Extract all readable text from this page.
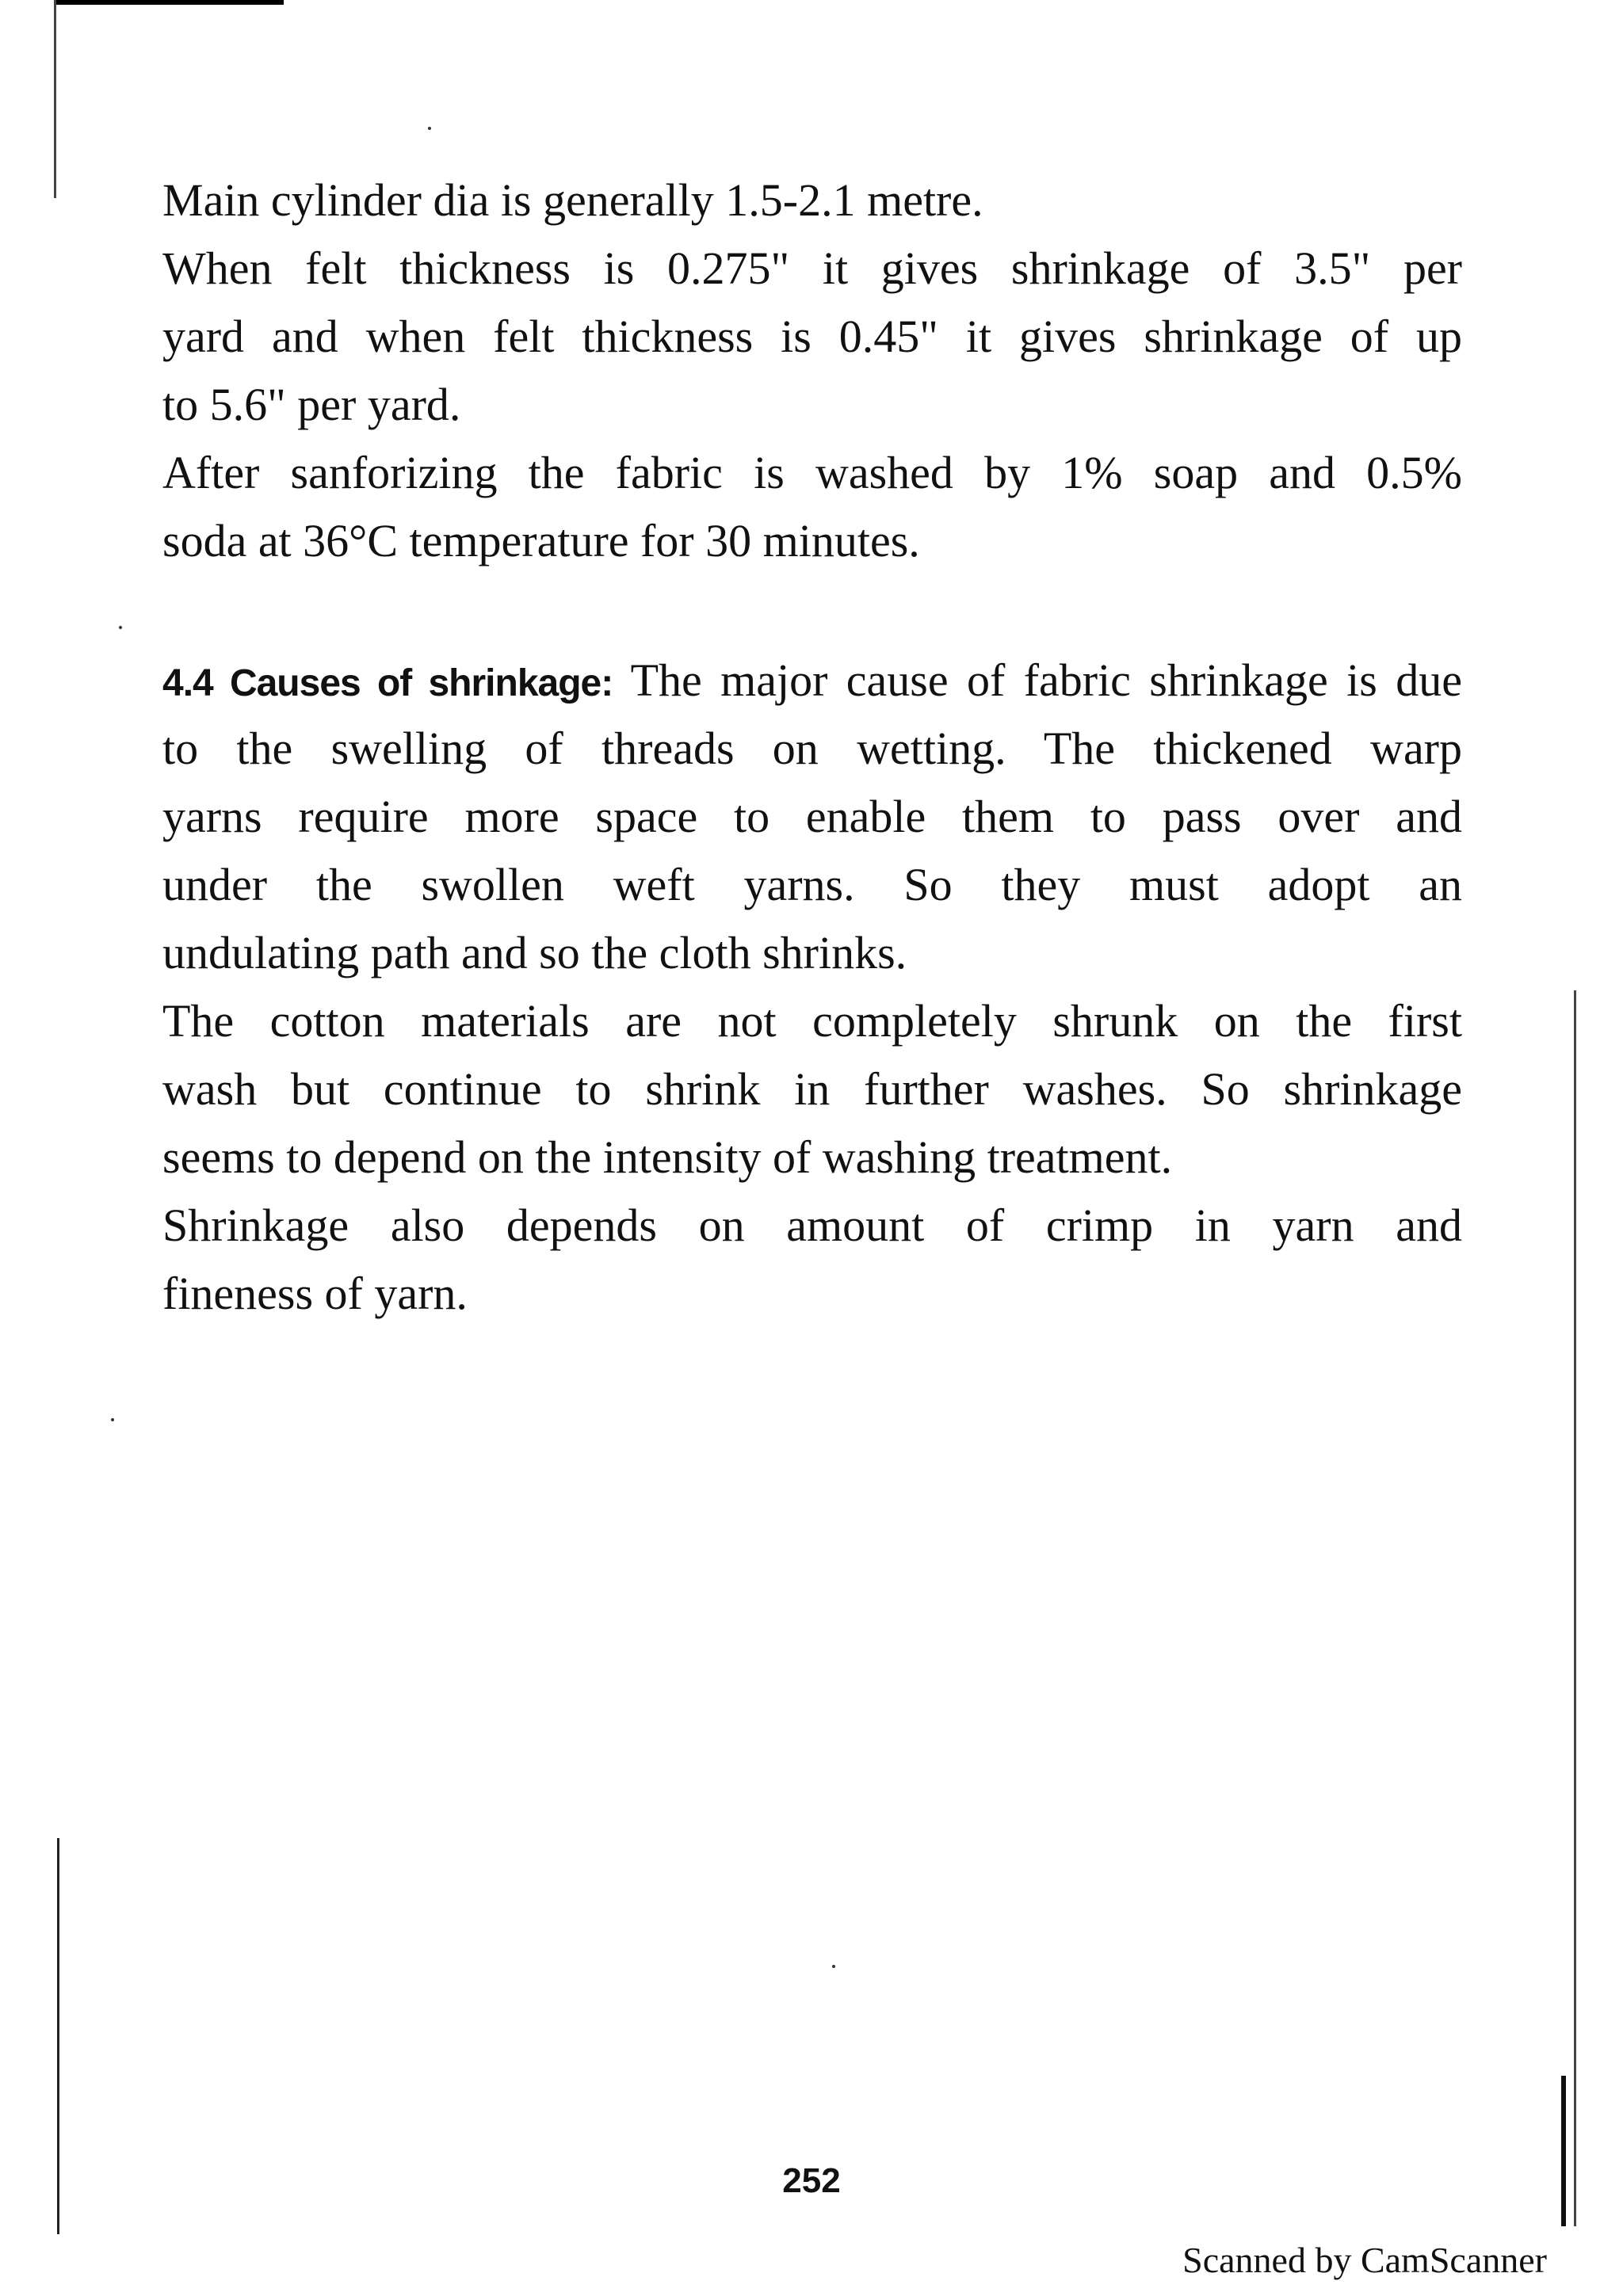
Main cylinder dia is generally 1.5-2.1 metre.
When felt thickness is 0.275" it gives shrinkage of 3.5" per
yard and when felt thickness is 0.45" it gives shrinkage of up
to 5.6" per yard.
After sanforizing the fabric is washed by 1% soap and 0.5%
soda at 36°C temperature for 30 minutes.
4.4 Causes of shrinkage: The major cause of fabric shrinkage is due
to the swelling of threads on wetting. The thickened warp
yarns require more space to enable them to pass over and
under the swollen weft yarns. So they must adopt an
undulating path and so the cloth shrinks.
The cotton materials are not completely shrunk on the first
wash but continue to shrink in further washes. So shrinkage
seems to depend on the intensity of washing treatment.
Shrinkage also depends on amount of crimp in yarn and
fineness of yarn.
252
Scanned by CamScanner
